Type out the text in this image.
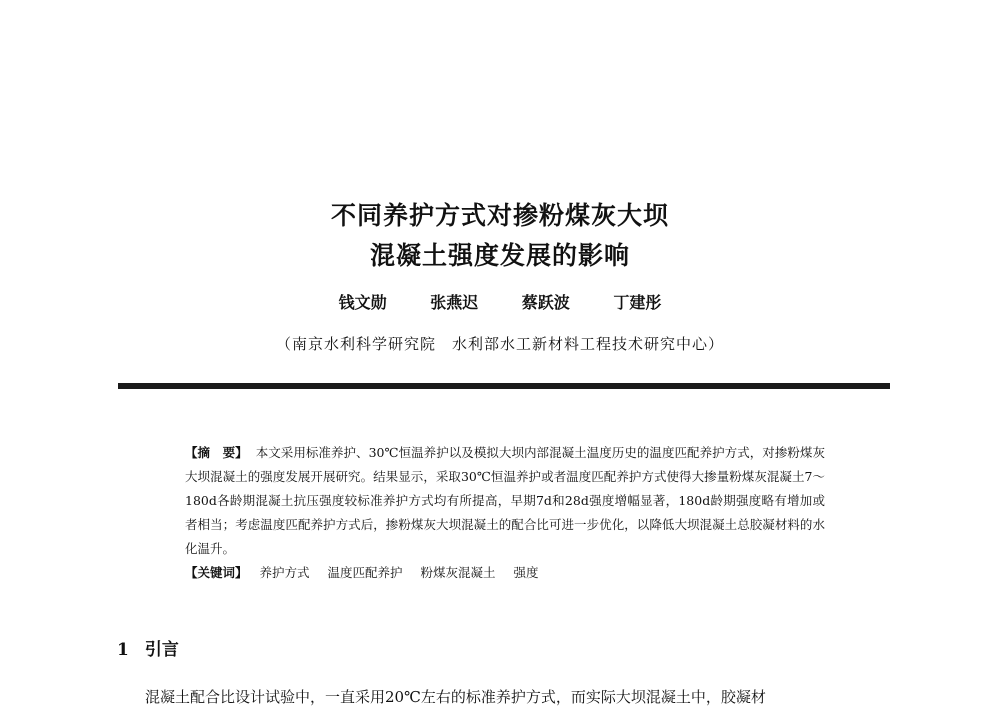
不同养护方式对掺粉煤灰大坝
混凝土强度发展的影响
钱文勋	张燕迟	蔡跃波	丁建彤
（南京水利科学研究院　水利部水工新材料工程技术研究中心）
【摘　要】 本文采用标准养护、30℃恒温养护以及模拟大坝内部混凝土温度历史的温度匹配养护方式，对掺粉煤灰大坝混凝土的强度发展开展研究。结果显示，采取30℃恒温养护或者温度匹配养护方式使得大掺量粉煤灰混凝土7～180d各龄期混凝土抗压强度较标准养护方式均有所提高，早期7d和28d强度增幅显著，180d龄期强度略有增加或者相当；考虑温度匹配养护方式后，掺粉煤灰大坝混凝土的配合比可进一步优化，以降低大坝混凝土总胶凝材料的水化温升。
【关键词】 养护方式 温度匹配养护 粉煤灰混凝土 强度
1 引言
混凝土配合比设计试验中，一直采用20℃左右的标准养护方式，而实际大坝混凝土中，胶凝材
